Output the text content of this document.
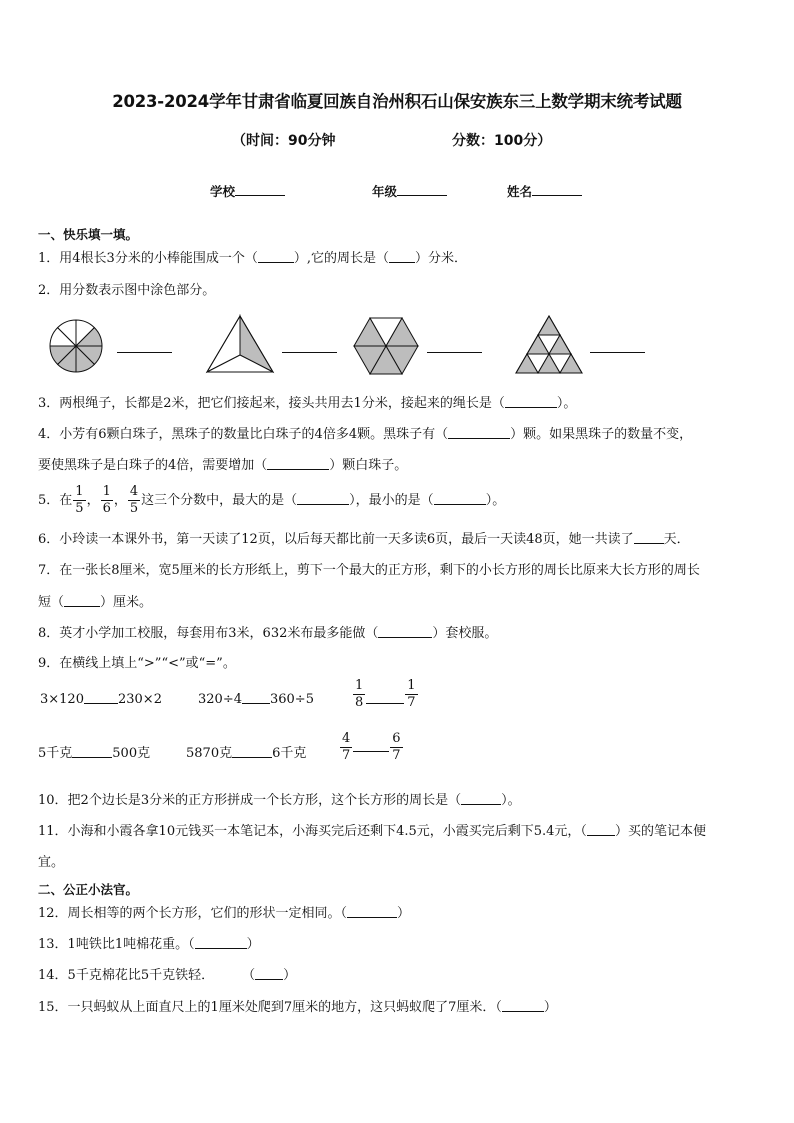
2023-2024学年甘肃省临夏回族自治州积石山保安族东三上数学期末统考试题
（时间：90分钟	分数：100分）
学校	年级	姓名
一、快乐填一填。
1．用4根长3分米的小棒能围成一个（	）,它的周长是（ ）分米．
2．用分数表示图中涂色部分。
3．两根绳子，长都是2米，把它们接起来，接头共用去1分米，接起来的绳长是（	）。
4．小芳有6颗白珠子，黑珠子的数量比白珠子的4倍多4颗。黑珠子有（	）颗。如果黑珠子的数量不变，
要使黑珠子是白珠子的4倍，需要增加（	）颗白珠子。
5．在 $\frac{1}{5}$ ， $\frac{1}{6}$ ， $\frac{4}{5}$ 这三个分数中，最大的是（	），最小的是（	）。
6．小玲读一本课外书，第一天读了12页，以后每天都比前一天多读6页，最后一天读48页，她一共读了 天．
7．在一张长8厘米，宽5厘米的长方形纸上，剪下一个最大的正方形，剩下的小长方形的周长比原来大长方形的周长
短（	）厘米。
8．英才小学加工校服，每套用布3米，632米布最多能做（	）套校服。
9．在横线上填上“>”“<”或“=”。
3×120	230×2	320÷4 360÷5	$\frac{1}{8}$	$\frac{1}{7}$
5千克	500克	5870克	6千克	$\frac{4}{7}$	$\frac{6}{7}$
10．把2个边长是3分米的正方形拼成一个长方形，这个长方形的周长是（	）。
11．小海和小霞各拿10元钱买一本笔记本，小海买完后还剩下4.5元，小霞买完后剩下5.4元，（ ）买的笔记本便
宜。
二、公正小法官。
12．周长相等的两个长方形，它们的形状一定相同。（	）
13．1吨铁比1吨棉花重。（	）
14．5千克棉花比5千克铁轻． （ ）
15．一只蚂蚁从上面直尺上的1厘米处爬到7厘米的地方，这只蚂蚁爬了7厘米．（	）
